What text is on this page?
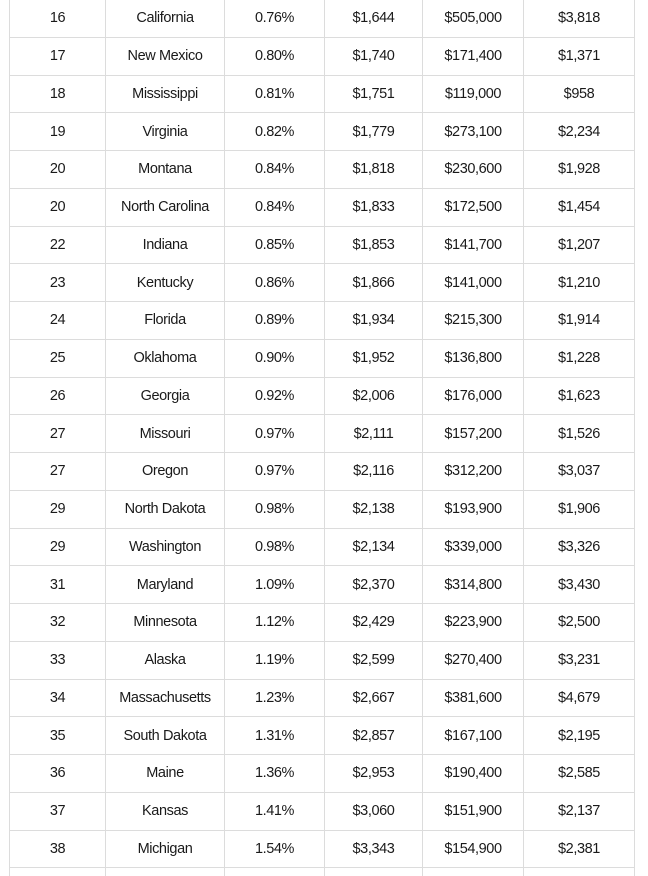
16	California	0.76%	$1,644	$505,000	$3,818
17	New Mexico	0.80%	$1,740	$171,400	$1,371
18	Mississippi	0.81%	$1,751	$119,000	$958
19	Virginia	0.82%	$1,779	$273,100	$2,234
20	Montana	0.84%	$1,818	$230,600	$1,928
20	North Carolina	0.84%	$1,833	$172,500	$1,454
22	Indiana	0.85%	$1,853	$141,700	$1,207
23	Kentucky	0.86%	$1,866	$141,000	$1,210
24	Florida	0.89%	$1,934	$215,300	$1,914
25	Oklahoma	0.90%	$1,952	$136,800	$1,228
26	Georgia	0.92%	$2,006	$176,000	$1,623
27	Missouri	0.97%	$2,111	$157,200	$1,526
27	Oregon	0.97%	$2,116	$312,200	$3,037
29	North Dakota	0.98%	$2,138	$193,900	$1,906
29	Washington	0.98%	$2,134	$339,000	$3,326
31	Maryland	1.09%	$2,370	$314,800	$3,430
32	Minnesota	1.12%	$2,429	$223,900	$2,500
33	Alaska	1.19%	$2,599	$270,400	$3,231
34	Massachusetts	1.23%	$2,667	$381,600	$4,679
35	South Dakota	1.31%	$2,857	$167,100	$2,195
36	Maine	1.36%	$2,953	$190,400	$2,585
37	Kansas	1.41%	$3,060	$151,900	$2,137
38	Michigan	1.54%	$3,343	$154,900	$2,381
